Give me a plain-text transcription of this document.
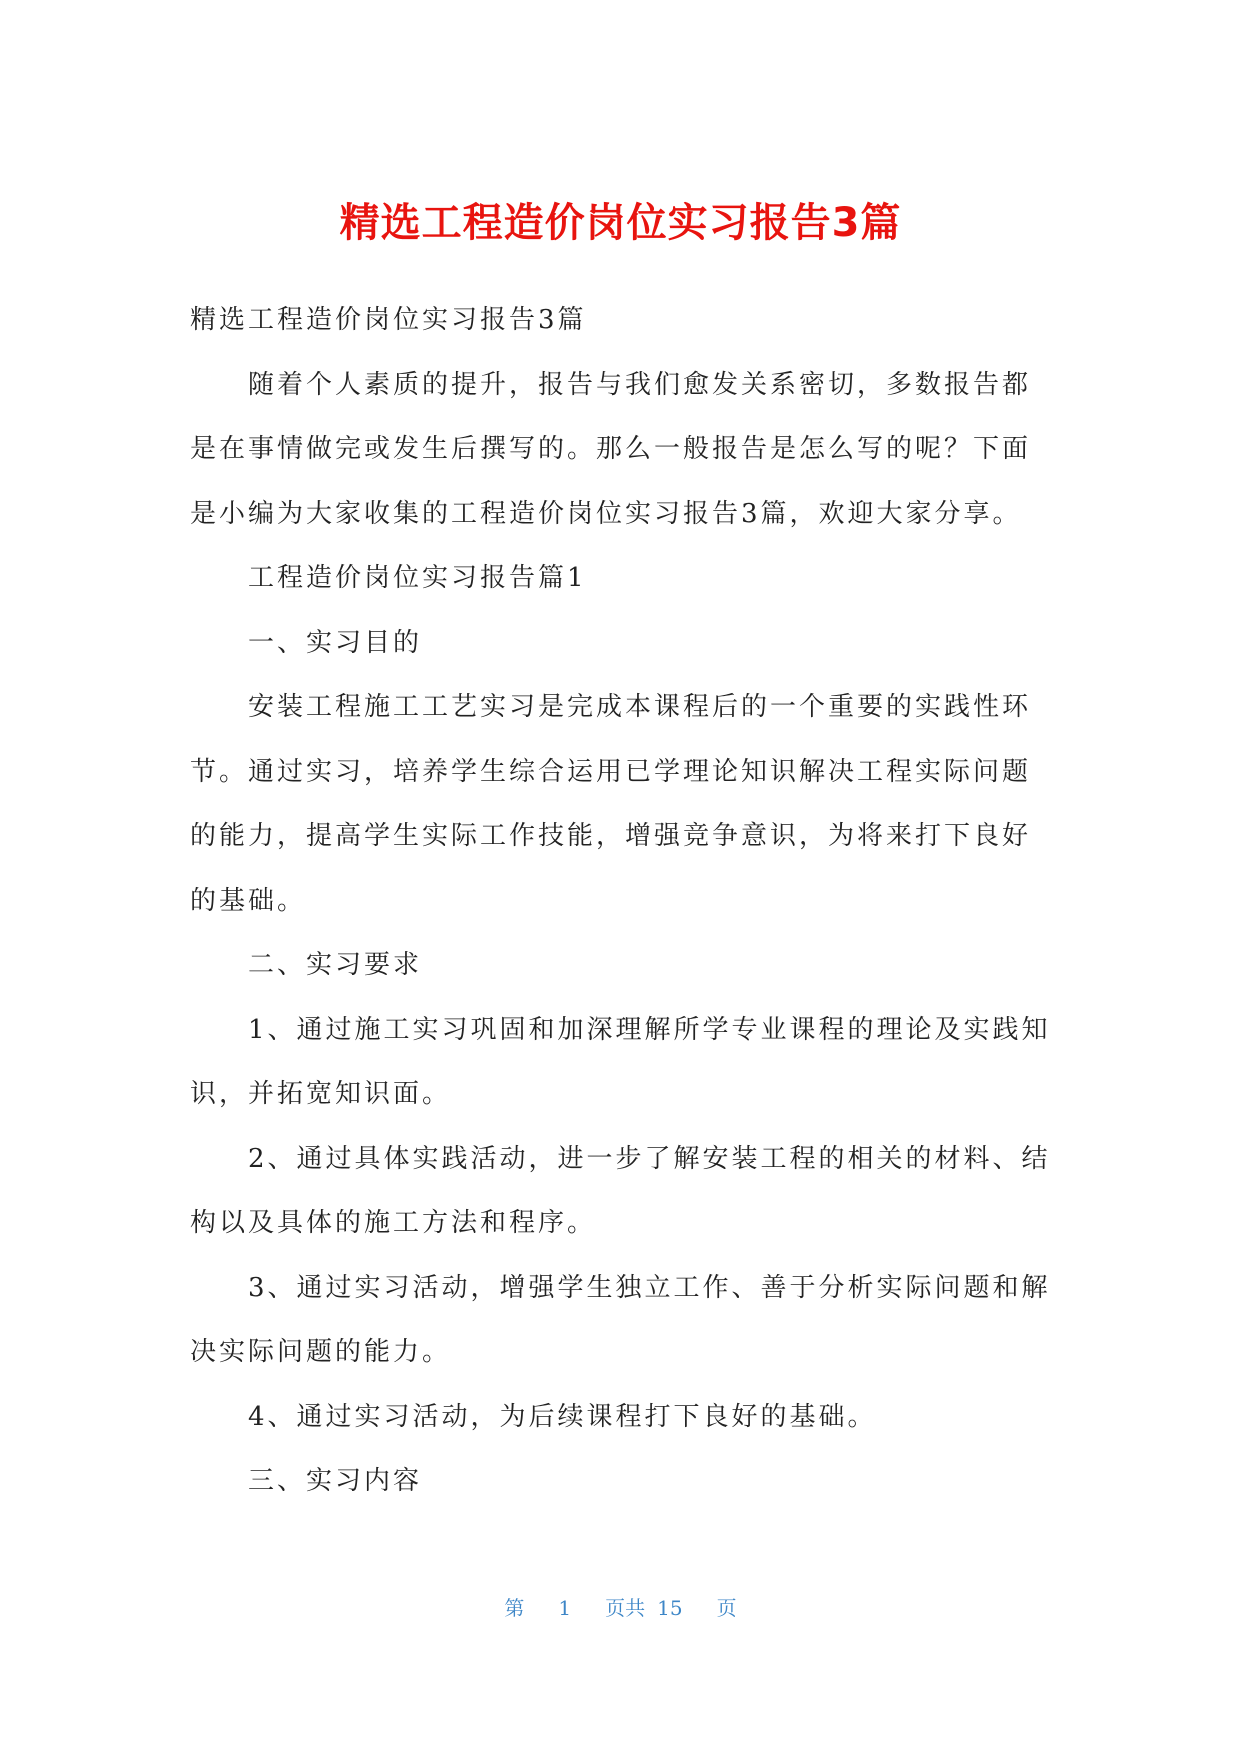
精选工程造价岗位实习报告3篇

精选工程造价岗位实习报告3篇

随着个人素质的提升，报告与我们愈发关系密切，多数报告都

是在事情做完或发生后撰写的。那么一般报告是怎么写的呢？下面

是小编为大家收集的工程造价岗位实习报告3篇，欢迎大家分享。

工程造价岗位实习报告篇1

一、实习目的

安装工程施工工艺实习是完成本课程后的一个重要的实践性环

节。通过实习，培养学生综合运用已学理论知识解决工程实际问题

的能力，提高学生实际工作技能，增强竞争意识，为将来打下良好

的基础。

二、实习要求

1、通过施工实习巩固和加深理解所学专业课程的理论及实践知

识，并拓宽知识面。

2、通过具体实践活动，进一步了解安装工程的相关的材料、结

构以及具体的施工方法和程序。

3、通过实习活动，增强学生独立工作、善于分析实际问题和解

决实际问题的能力。

4、通过实习活动，为后续课程打下良好的基础。

三、实习内容

第 1 页共 15 页
